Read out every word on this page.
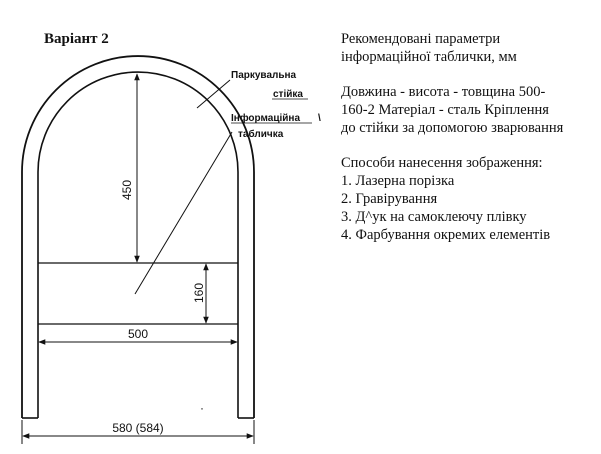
Варіант 2
450
160
500
580 (584)
Паркувальна
стійка
Інформаційна \
табличка
·
Рекомендовані параметри
інформаційної таблички, мм
Довжина - висота - товщина 500-
160-2 Матеріал - сталь Кріплення
до стійки за допомогою зварювання
Способи нанесення зображення:
1. Лазерна порізка
2. Гравірування
3. Д^ук на самоклеючу плівку
4. Фарбування окремих елементів
